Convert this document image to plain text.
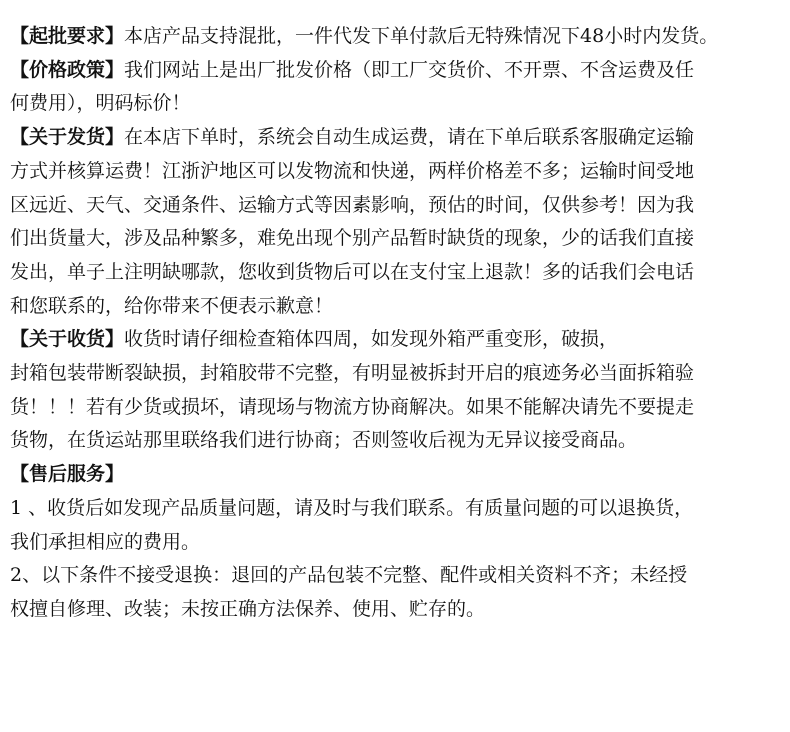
【起批要求】本店产品支持混批，一件代发下单付款后无特殊情况下48小时内发货。
【价格政策】我们网站上是出厂批发价格（即工厂交货价、不开票、不含运费及任
何费用），明码标价！
【关于发货】在本店下单时，系统会自动生成运费，请在下单后联系客服确定运输
方式并核算运费！江浙沪地区可以发物流和快递，两样价格差不多；运输时间受地
区远近、天气、交通条件、运输方式等因素影响，预估的时间，仅供参考！因为我
们出货量大，涉及品种繁多，难免出现个别产品暂时缺货的现象，少的话我们直接
发出，单子上注明缺哪款，您收到货物后可以在支付宝上退款！多的话我们会电话
和您联系的，给你带来不便表示歉意！
【关于收货】收货时请仔细检查箱体四周，如发现外箱严重变形，破损，
封箱包装带断裂缺损，封箱胶带不完整，有明显被拆封开启的痕迹务必当面拆箱验
货！！！若有少货或损坏，请现场与物流方协商解决。如果不能解决请先不要提走
货物，在货运站那里联络我们进行协商；否则签收后视为无异议接受商品。
【售后服务】
1 、收货后如发现产品质量问题，请及时与我们联系。有质量问题的可以退换货，
我们承担相应的费用。
2、以下条件不接受退换：退回的产品包装不完整、配件或相关资料不齐；未经授
权擅自修理、改装；未按正确方法保养、使用、贮存的。
